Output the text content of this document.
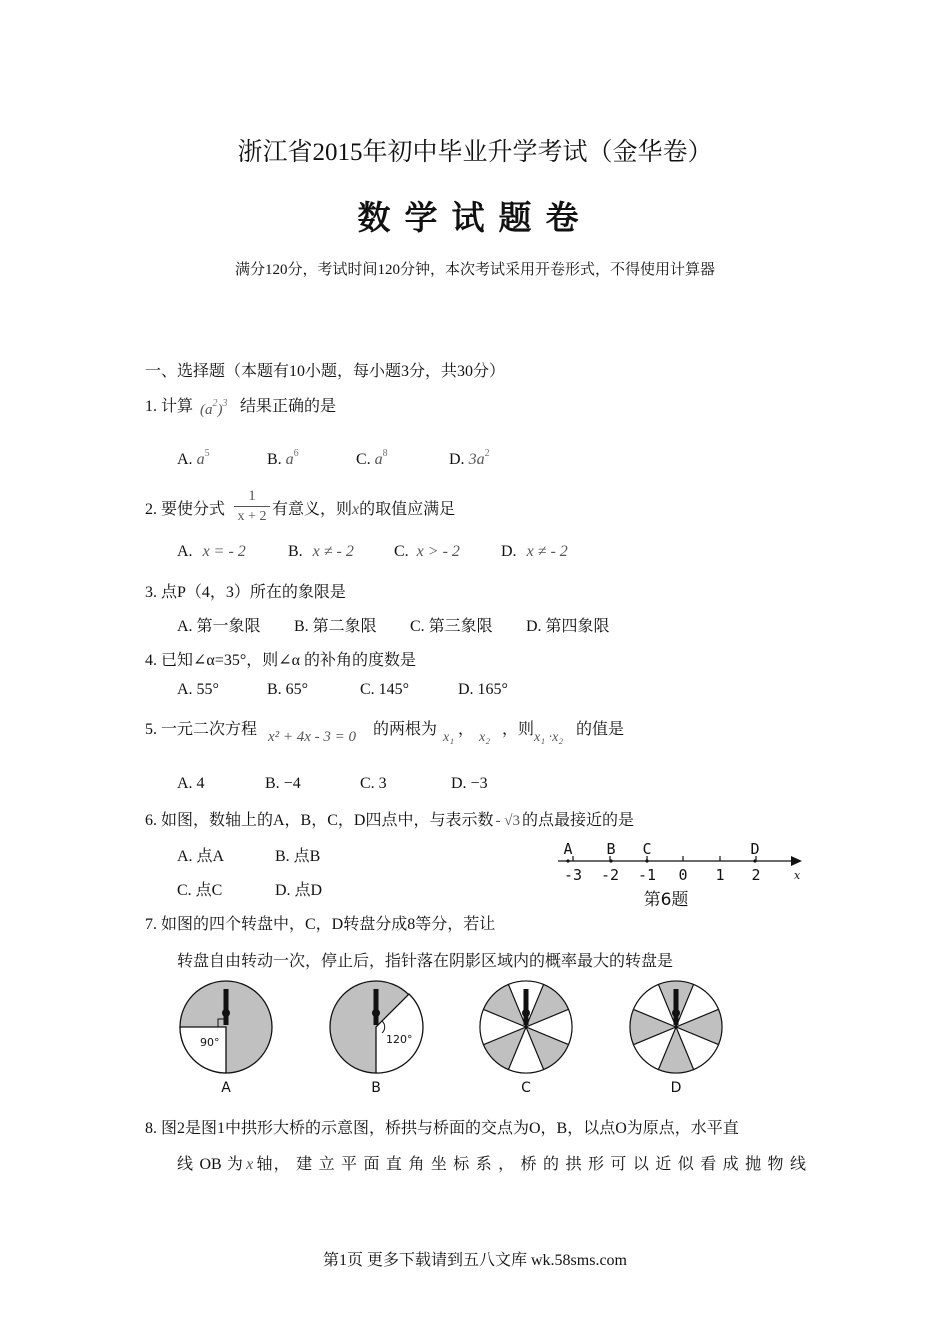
浙江省2015年初中毕业升学考试（金华卷）
数学试题卷
满分120分，考试时间120分钟，本次考试采用开卷形式，不得使用计算器
一、选择题（本题有10小题，每小题3分，共30分）
1. 计算 $(a^2)^3$ 结果正确的是
A. $a^5$	B. $a^6$	C. $a^8$	D. $3a^2$
2. 要使分式 $\frac{1}{x + 2}$ 有意义，则x的取值应满足
A. x = - 2	B. x ≠ - 2	C. x > - 2	D. x ≠ - 2
3. 点P（4，3）所在的象限是
A. 第一象限 B. 第二象限 C. 第三象限 D. 第四象限
4. 已知∠α=35°，则∠α 的补角的度数是
A. 55°	B. 65°	C. 145°	D. 165°
5. 一元二次方程 x² + 4x - 3 = 0 的两根为 x₁ ， x₂ ，则 x₁ ·x₂ 的值是
A. 4	B. −4	C. 3	D. −3
6. 如图，数轴上的A，B，C，D四点中，与表示数 - √3 的点最接近的是
A. 点A	B. 点B
C. 点C	D. 点D
A B C	D
-3 -2 -1 0 1 2	x
第6题
7. 如图的四个转盘中，C，D转盘分成8等分，若让
转盘自由转动一次，停止后，指针落在阴影区域内的概率最大的转盘是
90°
A
120°
B	C	D
8. 图2是图1中拱形大桥的示意图，桥拱与桥面的交点为O，B，以点O为原点，水平直
线 OB 为 x 轴， 建 立 平 面 直 角 坐 标 系 ， 桥 的 拱 形 可 以 近 似 看 成 抛 物 线
第1页 更多下载请到五八文库 wk.58sms.com
